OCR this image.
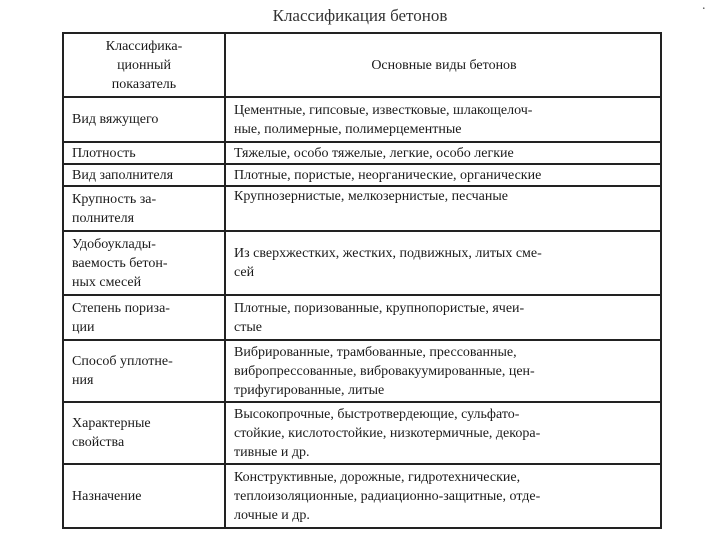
Классификация бетонов
.
Классифика-
ционный
показатель	Основные виды бетонов

Вид вяжущего	Цементные, гипсовые, известковые, шлакощелоч-
ные, полимерные, полимерцементные

Плотность	Тяжелые, особо тяжелые, легкие, особо легкие

Вид заполнителя	Плотные, пористые, неорганические, органические

Крупность за-
полнителя	Крупнозернистые, мелкозернистые, песчаные

Удобоуклады-
ваемость бетон-
ных смесей	Из сверхжестких, жестких, подвижных, литых сме-
сей

Степень пориза-
ции	Плотные, поризованные, крупнопористые, ячеи-
стые

Способ уплотне-
ния	Вибрированные, трамбованные, прессованные,
вибропрессованные, вибровакуумированные, цен-
трифугированные, литые

Характерные
свойства	Высокопрочные, быстротвердеющие, сульфато-
стойкие, кислотостойкие, низкотермичные, декора-
тивные и др.

Назначение	Конструктивные, дорожные, гидротехнические,
теплоизоляционные, радиационно-защитные, отде-
лочные и др.
